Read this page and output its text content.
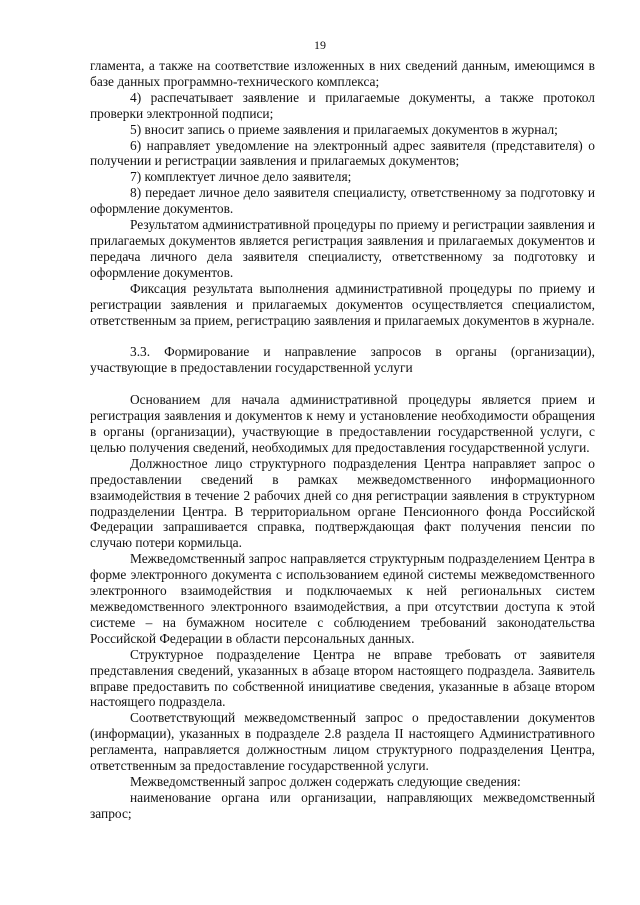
19

гламента, а также на соответствие изложенных в них сведений данным, имеющимся в базе данных программно-технического комплекса;

4) распечатывает заявление и прилагаемые документы, а также протокол проверки электронной подписи;

5) вносит запись о приеме заявления и прилагаемых документов в журнал;

6) направляет уведомление на электронный адрес заявителя (представителя) о получении и регистрации заявления и прилагаемых документов;

7) комплектует личное дело заявителя;

8) передает личное дело заявителя специалисту, ответственному за подготовку и оформление документов.

Результатом административной процедуры по приему и регистрации заявления и прилагаемых документов является регистрация заявления и прилагаемых документов и передача личного дела заявителя специалисту, ответственному за подготовку и оформление документов.

Фиксация результата выполнения административной процедуры по приему и регистрации заявления и прилагаемых документов осуществляется специалистом, ответственным за прием, регистрацию заявления и прилагаемых документов в журнале.

3.3. Формирование и направление запросов в органы (организации), участвующие в предоставлении государственной услуги

Основанием для начала административной процедуры является прием и регистрация заявления и документов к нему и установление необходимости обращения в органы (организации), участвующие в предоставлении государственной услуги, с целью получения сведений, необходимых для предоставления государственной услуги.

Должностное лицо структурного подразделения Центра направляет запрос о предоставлении сведений в рамках межведомственного информационного взаимодействия в течение 2 рабочих дней со дня регистрации заявления в структурном подразделении Центра. В территориальном органе Пенсионного фонда Российской Федерации запрашивается справка, подтверждающая факт получения пенсии по случаю потери кормильца.

Межведомственный запрос направляется структурным подразделением Центра в форме электронного документа с использованием единой системы межведомственного электронного взаимодействия и подключаемых к ней региональных систем межведомственного электронного взаимодействия, а при отсутствии доступа к этой системе – на бумажном носителе с соблюдением требований законодательства Российской Федерации в области персональных данных.

Структурное подразделение Центра не вправе требовать от заявителя представления сведений, указанных в абзаце втором настоящего подраздела. Заявитель вправе предоставить по собственной инициативе сведения, указанные в абзаце втором настоящего подраздела.

Соответствующий межведомственный запрос о предоставлении документов (информации), указанных в подразделе 2.8 раздела II настоящего Административного регламента, направляется должностным лицом структурного подразделения Центра, ответственным за предоставление государственной услуги.

Межведомственный запрос должен содержать следующие сведения:

наименование органа или организации, направляющих межведомственный запрос;
